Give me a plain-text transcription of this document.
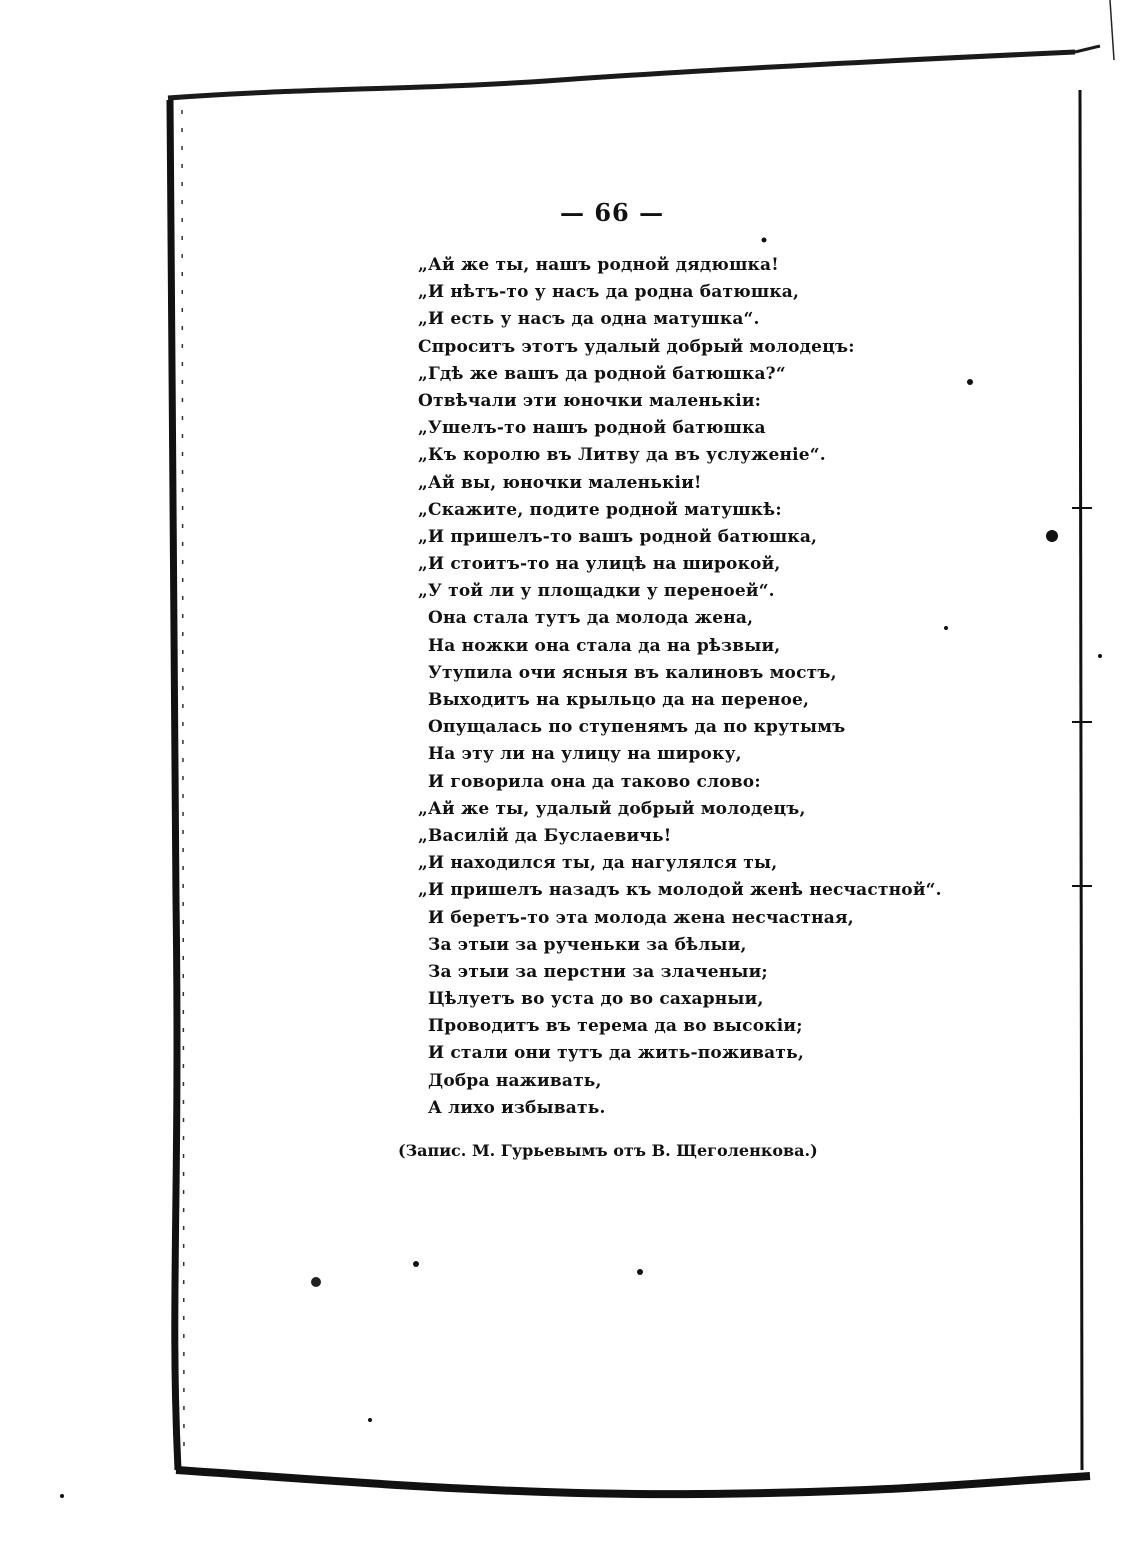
— 66 —
„Ай же ты, нашъ родной дядюшка!
„И нѣтъ-то у насъ да родна батюшка,
„И есть у насъ да одна матушка“.
Спроситъ этотъ удалый добрый молодецъ:
„Гдѣ же вашъ да родной батюшка?“
Отвѣчали эти юночки маленькiи:
„Ушелъ-то нашъ родной батюшка
„Къ королю въ Литву да въ услуженiе“.
„Ай вы, юночки маленькiи!
„Скажите, подите родной матушкѣ:
„И пришелъ-то вашъ родной батюшка,
„И стоитъ-то на улицѣ на широкой,
„У той ли у площадки у переноей“.
Она стала тутъ да молода жена,
На ножки она стала да на рѣзвыи,
Утупила очи ясныя въ калиновъ мостъ,
Выходитъ на крыльцо да на переное,
Опущалась по ступенямъ да по крутымъ
На эту ли на улицу на широку,
И говорила она да таково слово:
„Ай же ты, удалый добрый молодецъ,
„Василiй да Буслаевичь!
„И находился ты, да нагулялся ты,
„И пришелъ назадъ къ молодой женѣ несчастной“.
И беретъ-то эта молода жена несчастная,
За этыи за рученьки за бѣлыи,
За этыи за перстни за злаченыи;
Цѣлуетъ во уста до во сахарныи,
Проводитъ въ терема да во высокiи;
И стали они тутъ да жить-поживать,
Добра наживать,
А лихо избывать.
(Запис. М. Гурьевымъ отъ В. Щеголенкова.)
